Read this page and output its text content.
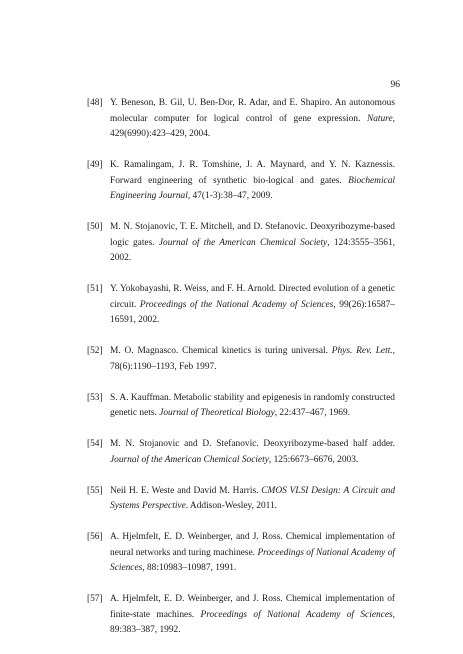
96
[48] Y. Beneson, B. Gil, U. Ben-Dor, R. Adar, and E. Shapiro. An autonomous molecular computer for logical control of gene expression. Nature, 429(6990):423–429, 2004.
[49] K. Ramalingam, J. R. Tomshine, J. A. Maynard, and Y. N. Kaznessis. Forward engineering of synthetic bio-logical and gates. Biochemical Engineering Journal, 47(1-3):38–47, 2009.
[50] M. N. Stojanovic, T. E. Mitchell, and D. Stefanovic. Deoxyribozyme-based logic gates. Journal of the American Chemical Society, 124:3555–3561, 2002.
[51] Y. Yokobayashi, R. Weiss, and F. H. Arnold. Directed evolution of a genetic circuit. Proceedings of the National Academy of Sciences, 99(26):16587–16591, 2002.
[52] M. O. Magnasco. Chemical kinetics is turing universal. Phys. Rev. Lett., 78(6):1190–1193, Feb 1997.
[53] S. A. Kauffman. Metabolic stability and epigenesis in randomly constructed genetic nets. Journal of Theoretical Biology, 22:437–467, 1969.
[54] M. N. Stojanovic and D. Stefanovic. Deoxyribozyme-based half adder. Journal of the American Chemical Society, 125:6673–6676, 2003.
[55] Neil H. E. Weste and David M. Harris. CMOS VLSI Design: A Circuit and Systems Perspective. Addison-Wesley, 2011.
[56] A. Hjelmfelt, E. D. Weinberger, and J. Ross. Chemical implementation of neural networks and turing machinese. Proceedings of National Academy of Sciences, 88:10983–10987, 1991.
[57] A. Hjelmfelt, E. D. Weinberger, and J. Ross. Chemical implementation of finite-state machines. Proceedings of National Academy of Sciences, 89:383–387, 1992.
